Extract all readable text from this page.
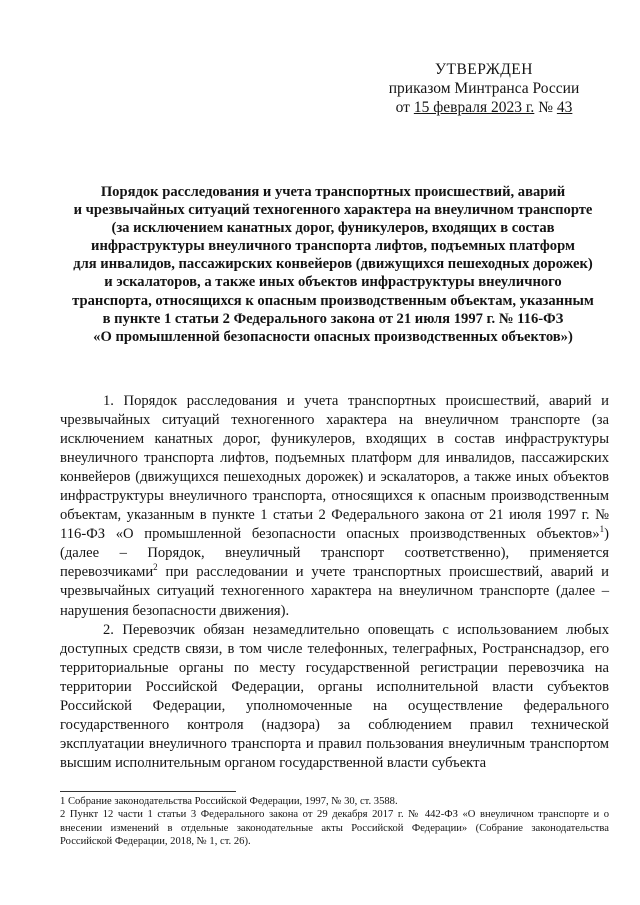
УТВЕРЖДЕН
приказом Минтранса России
от 15 февраля 2023 г. № 43
Порядок расследования и учета транспортных происшествий, аварий
и чрезвычайных ситуаций техногенного характера на внеуличном транспорте
(за исключением канатных дорог, фуникулеров, входящих в состав
инфраструктуры внеуличного транспорта лифтов, подъемных платформ
для инвалидов, пассажирских конвейеров (движущихся пешеходных дорожек)
и эскалаторов, а также иных объектов инфраструктуры внеуличного
транспорта, относящихся к опасным производственным объектам, указанным
в пункте 1 статьи 2 Федерального закона от 21 июля 1997 г. № 116-ФЗ
«О промышленной безопасности опасных производственных объектов»)

1. Порядок расследования и учета транспортных происшествий, аварий и чрезвычайных ситуаций техногенного характера на внеуличном транспорте (за исключением канатных дорог, фуникулеров, входящих в состав инфраструктуры внеуличного транспорта лифтов, подъемных платформ для инвалидов, пассажирских конвейеров (движущихся пешеходных дорожек) и эскалаторов, а также иных объектов инфраструктуры внеуличного транспорта, относящихся к опасным производственным объектам, указанным в пункте 1 статьи 2 Федерального закона от 21 июля 1997 г. № 116-ФЗ «О промышленной безопасности опасных производственных объектов»$^1$) (далее – Порядок, внеуличный транспорт соответственно), применяется перевозчиками$^2$ при расследовании и учете транспортных происшествий, аварий и чрезвычайных ситуаций техногенного характера на внеуличном транспорте (далее – нарушения безопасности движения).

2. Перевозчик обязан незамедлительно оповещать с использованием любых доступных средств связи, в том числе телефонных, телеграфных, Ространснадзор, его территориальные органы по месту государственной регистрации перевозчика на территории Российской Федерации, органы исполнительной власти субъектов Российской Федерации, уполномоченные на осуществление федерального государственного контроля (надзора) за соблюдением правил технической эксплуатации внеуличного транспорта и правил пользования внеуличным транспортом высшим исполнительным органом государственной власти субъекта

1 Собрание законодательства Российской Федерации, 1997, № 30, ст. 3588.

2 Пункт 12 части 1 статьи 3 Федерального закона от 29 декабря 2017 г. № 442-ФЗ «О внеуличном транспорте и о внесении изменений в отдельные законодательные акты Российской Федерации» (Собрание законодательства Российской Федерации, 2018, № 1, ст. 26).
